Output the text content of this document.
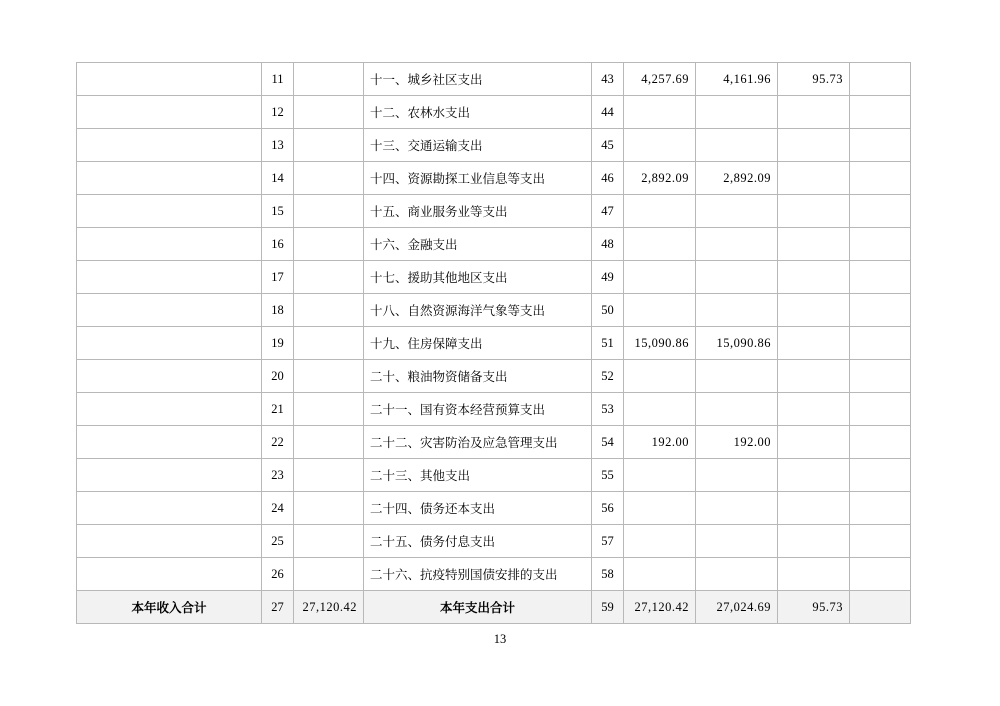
	11		十一、城乡社区支出	43	4,257.69	4,161.96	95.73	
	12		十二、农林水支出	44				
	13		十三、交通运输支出	45				
	14		十四、资源勘探工业信息等支出	46	2,892.09	2,892.09		
	15		十五、商业服务业等支出	47				
	16		十六、金融支出	48				
	17		十七、援助其他地区支出	49				
	18		十八、自然资源海洋气象等支出	50				
	19		十九、住房保障支出	51	15,090.86	15,090.86		
	20		二十、粮油物资储备支出	52				
	21		二十一、国有资本经营预算支出	53				
	22		二十二、灾害防治及应急管理支出	54	192.00	192.00		
	23		二十三、其他支出	55				
	24		二十四、债务还本支出	56				
	25		二十五、债务付息支出	57				
	26		二十六、抗疫特别国债安排的支出	58				
本年收入合计	27	27,120.42	本年支出合计	59	27,120.42	27,024.69	95.73	
13
